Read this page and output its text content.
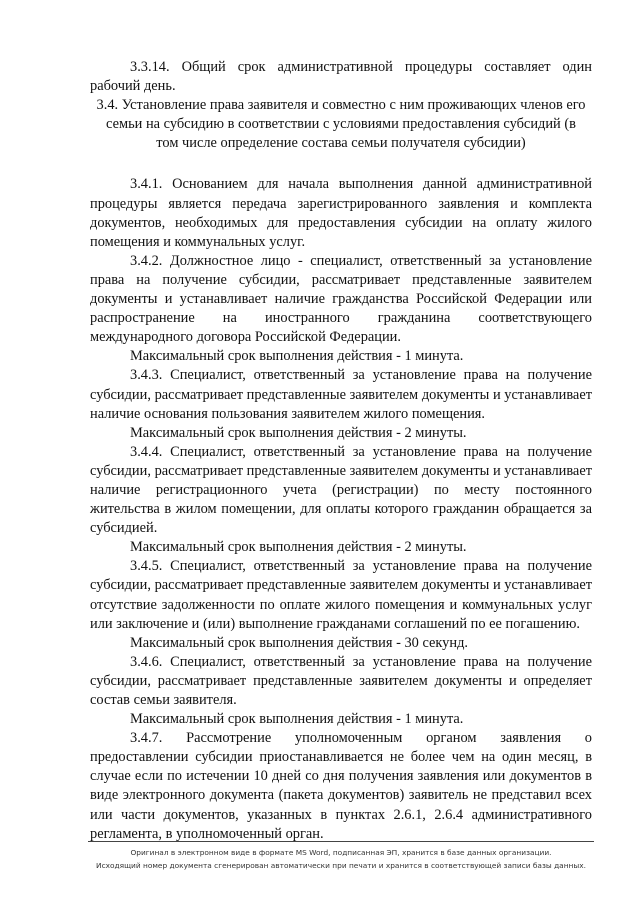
3.3.14. Общий срок административной процедуры составляет один рабочий день.

3.4. Установление права заявителя и совместно с ним проживающих членов его семьи на субсидию в соответствии с условиями предоставления субсидий (в том числе определение состава семьи получателя субсидии)

3.4.1. Основанием для начала выполнения данной административной процедуры является передача зарегистрированного заявления и комплекта документов, необходимых для предоставления субсидии на оплату жилого помещения и коммунальных услуг.

3.4.2. Должностное лицо - специалист, ответственный за установление права на получение субсидии, рассматривает представленные заявителем документы и устанавливает наличие гражданства Российской Федерации или распространение на иностранного гражданина соответствующего международного договора Российской Федерации.

Максимальный срок выполнения действия - 1 минута.

3.4.3. Специалист, ответственный за установление права на получение субсидии, рассматривает представленные заявителем документы и устанавливает наличие основания пользования заявителем жилого помещения.

Максимальный срок выполнения действия - 2 минуты.

3.4.4. Специалист, ответственный за установление права на получение субсидии, рассматривает представленные заявителем документы и устанавливает наличие регистрационного учета (регистрации) по месту постоянного жительства в жилом помещении, для оплаты которого гражданин обращается за субсидией.

Максимальный срок выполнения действия - 2 минуты.

3.4.5. Специалист, ответственный за установление права на получение субсидии, рассматривает представленные заявителем документы и устанавливает отсутствие задолженности по оплате жилого помещения и коммунальных услуг или заключение и (или) выполнение гражданами соглашений по ее погашению.

Максимальный срок выполнения действия - 30 секунд.

3.4.6. Специалист, ответственный за установление права на получение субсидии, рассматривает представленные заявителем документы и определяет состав семьи заявителя.

Максимальный срок выполнения действия - 1 минута.

3.4.7. Рассмотрение уполномоченным органом заявления о предоставлении субсидии приостанавливается не более чем на один месяц, в случае если по истечении 10 дней со дня получения заявления или документов в виде электронного документа (пакета документов) заявитель не представил всех или части документов, указанных в пунктах 2.6.1, 2.6.4 административного регламента, в уполномоченный орган.

Оригинал в электронном виде в формате MS Word, подписанная ЭП, хранится в базе данных организации.
Исходящий номер документа сгенерирован автоматически при печати и хранится в соответствующей записи базы данных.
